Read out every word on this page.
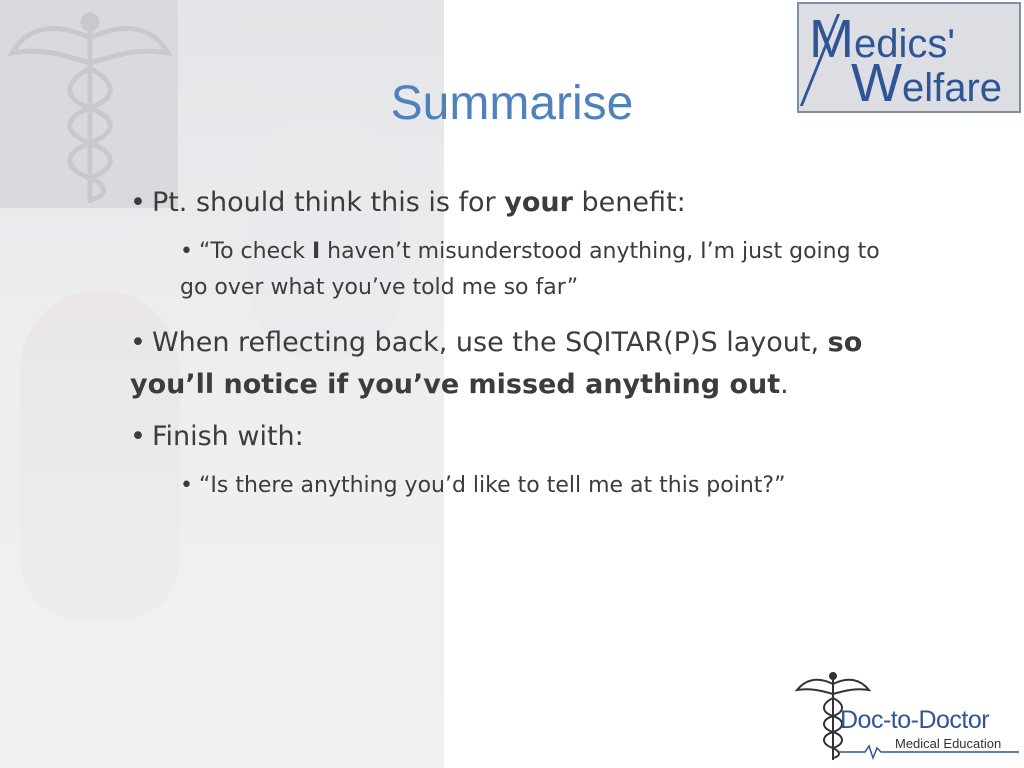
Medics'
Welfare
Summarise

• Pt. should think this is for your benefit:

• “To check I haven’t misunderstood anything, I’m just going to go over what you’ve told me so far”

• When reflecting back, use the SQITAR(P)S layout, so you’ll notice if you’ve missed anything out.

• Finish with:

• “Is there anything you’d like to tell me at this point?”

Doc-to-Doctor
Medical Education
